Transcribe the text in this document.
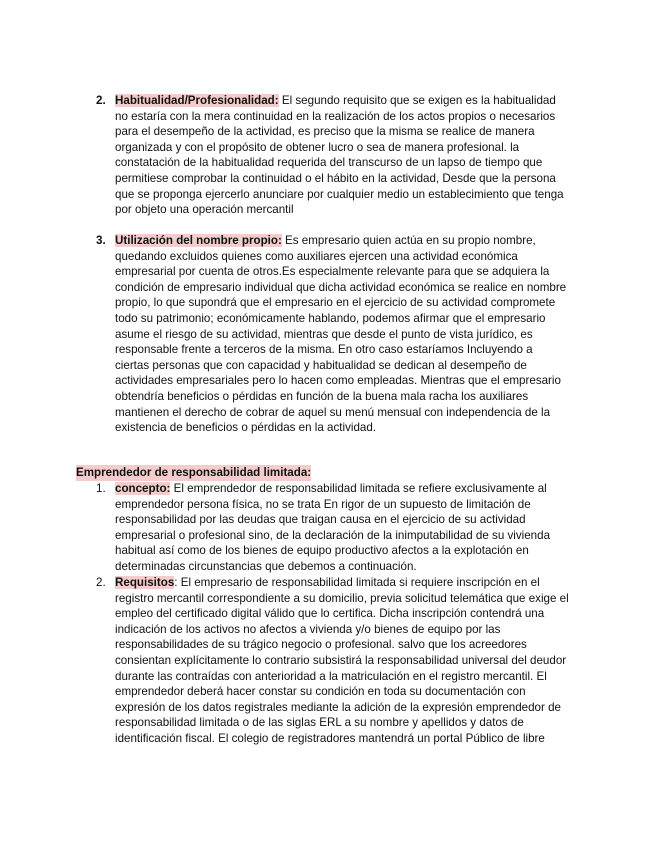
2. Habitualidad/Profesionalidad: El segundo requisito que se exigen es la habitualidad
no estaría con la mera continuidad en la realización de los actos propios o necesarios
para el desempeño de la actividad, es preciso que la misma se realice de manera
organizada y con el propósito de obtener lucro o sea de manera profesional. la
constatación de la habitualidad requerida del transcurso de un lapso de tiempo que
permitiese comprobar la continuidad o el hábito en la actividad, Desde que la persona
que se proponga ejercerlo anunciare por cualquier medio un establecimiento que tenga
por objeto una operación mercantil
3. Utilización del nombre propio: Es empresario quien actúa en su propio nombre,
quedando excluidos quienes como auxiliares ejercen una actividad económica
empresarial por cuenta de otros.Es especialmente relevante para que se adquiera la
condición de empresario individual que dicha actividad económica se realice en nombre
propio, lo que supondrá que el empresario en el ejercicio de su actividad compromete
todo su patrimonio; económicamente hablando, podemos afirmar que el empresario
asume el riesgo de su actividad, mientras que desde el punto de vista jurídico, es
responsable frente a terceros de la misma. En otro caso estaríamos Incluyendo a
ciertas personas que con capacidad y habitualidad se dedican al desempeño de
actividades empresariales pero lo hacen como empleadas. Mientras que el empresario
obtendría beneficios o pérdidas en función de la buena mala racha los auxiliares
mantienen el derecho de cobrar de aquel su menú mensual con independencia de la
existencia de beneficios o pérdidas en la actividad.
Emprendedor de responsabilidad limitada:
1. concepto: El emprendedor de responsabilidad limitada se refiere exclusivamente al
emprendedor persona física, no se trata En rigor de un supuesto de limitación de
responsabilidad por las deudas que traigan causa en el ejercicio de su actividad
empresarial o profesional sino, de la declaración de la inimputabilidad de su vivienda
habitual así como de los bienes de equipo productivo afectos a la explotación en
determinadas circunstancias que debemos a continuación.
2. Requisitos: El empresario de responsabilidad limitada si requiere inscripción en el
registro mercantil correspondiente a su domicilio, previa solicitud telemática que exige el
empleo del certificado digital válido que lo certifica. Dicha inscripción contendrá una
indicación de los activos no afectos a vivienda y/o bienes de equipo por las
responsabilidades de su trágico negocio o profesional. salvo que los acreedores
consientan explícitamente lo contrario subsistirá la responsabilidad universal del deudor
durante las contraídas con anterioridad a la matriculación en el registro mercantil. El
emprendedor deberá hacer constar su condición en toda su documentación con
expresión de los datos registrales mediante la adición de la expresión emprendedor de
responsabilidad limitada o de las siglas ERL a su nombre y apellidos y datos de
identificación fiscal. El colegio de registradores mantendrá un portal Público de libre
